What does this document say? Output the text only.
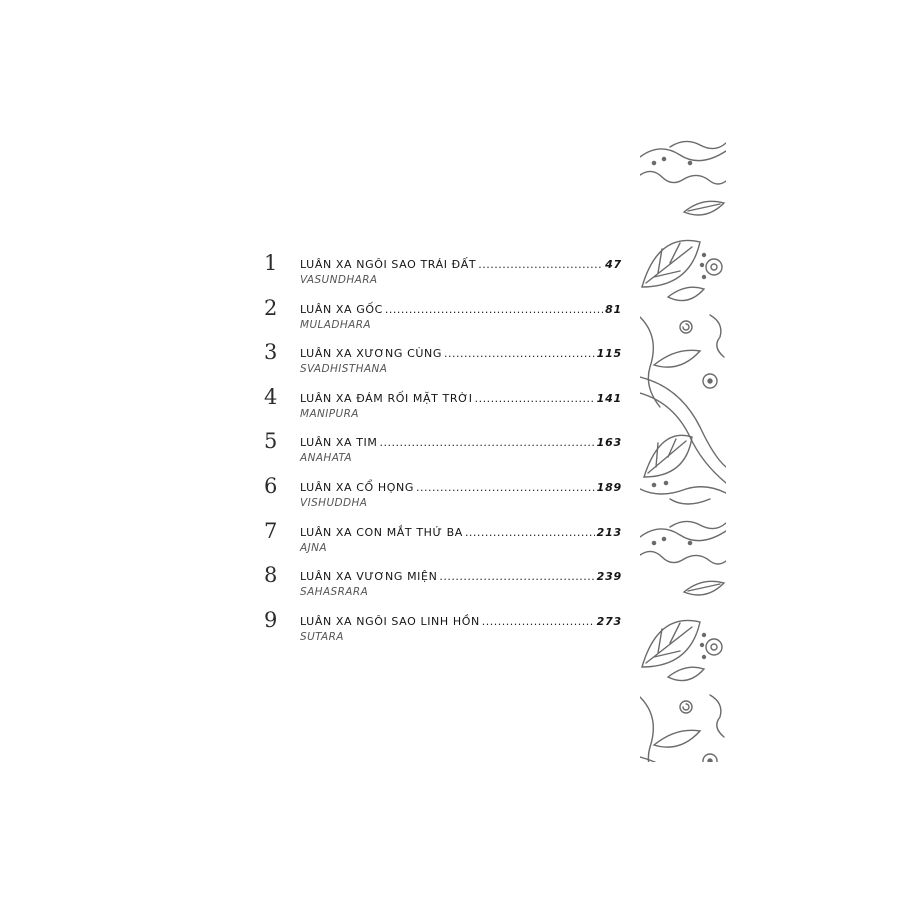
1 LUÂN XA NGÔI SAO TRÁI ĐẤT .....	47
VASUNDHARA
2 LUÂN XA GỐC .....	81
MULADHARA
3 LUÂN XA XƯƠNG CÙNG .....	115
SVADHISTHANA
4 LUÂN XA ĐÁM RỐI MẶT TRỜI .....	141
MANIPURA
5 LUÂN XA TIM .....	163
ANAHATA
6 LUÂN XA CỔ HỌNG .....	189
VISHUDDHA
7 LUÂN XA CON MẮT THỨ BA .....	213
AJNA
8 LUÂN XA VƯƠNG MIỆN .....	239
SAHASRARA
9 LUÂN XA NGÔI SAO LINH HỒN .....	273
SUTARA
